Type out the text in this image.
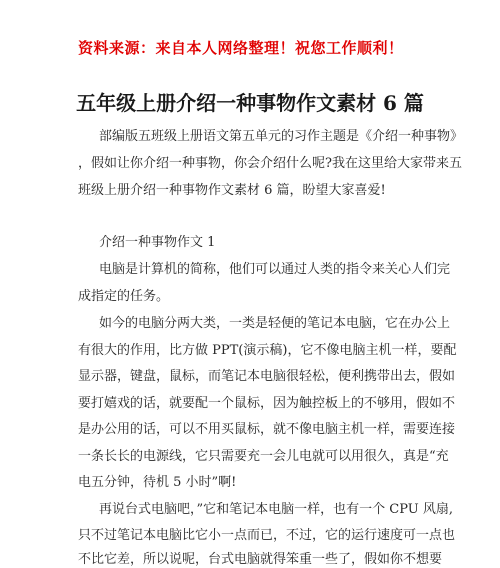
资料来源：来自本人网络整理！祝您工作顺利！
五年级上册介绍一种事物作文素材 6 篇
部编版五班级上册语文第五单元的习作主题是《介绍一种事物》
，假如让你介绍一种事物，你会介绍什么呢?我在这里给大家带来五
班级上册介绍一种事物作文素材 6 篇，盼望大家喜爱!
介绍一种事物作文 1
电脑是计算机的简称，他们可以通过人类的指令来关心人们完
成指定的任务。
如今的电脑分两大类，一类是轻便的笔记本电脑，它在办公上
有很大的作用，比方做 PPT(演示稿)，它不像电脑主机一样，要配
显示器，键盘，鼠标，而笔记本电脑很轻松，便利携带出去，假如
要打嬉戏的话，就要配一个鼠标，因为触控板上的不够用，假如不
是办公用的话，可以不用买鼠标，就不像电脑主机一样，需要连接
一条长长的电源线，它只需要充一会儿电就可以用很久，真是“充
电五分钟，待机 5 小时”啊!
再说台式电脑吧，”它和笔记本电脑一样，也有一个 CPU 风扇,
只不过笔记本电脑比它小一点而已，不过，它的运行速度可一点也
不比它差，所以说呢，台式电脑就得笨重一些了，假如你不想要
